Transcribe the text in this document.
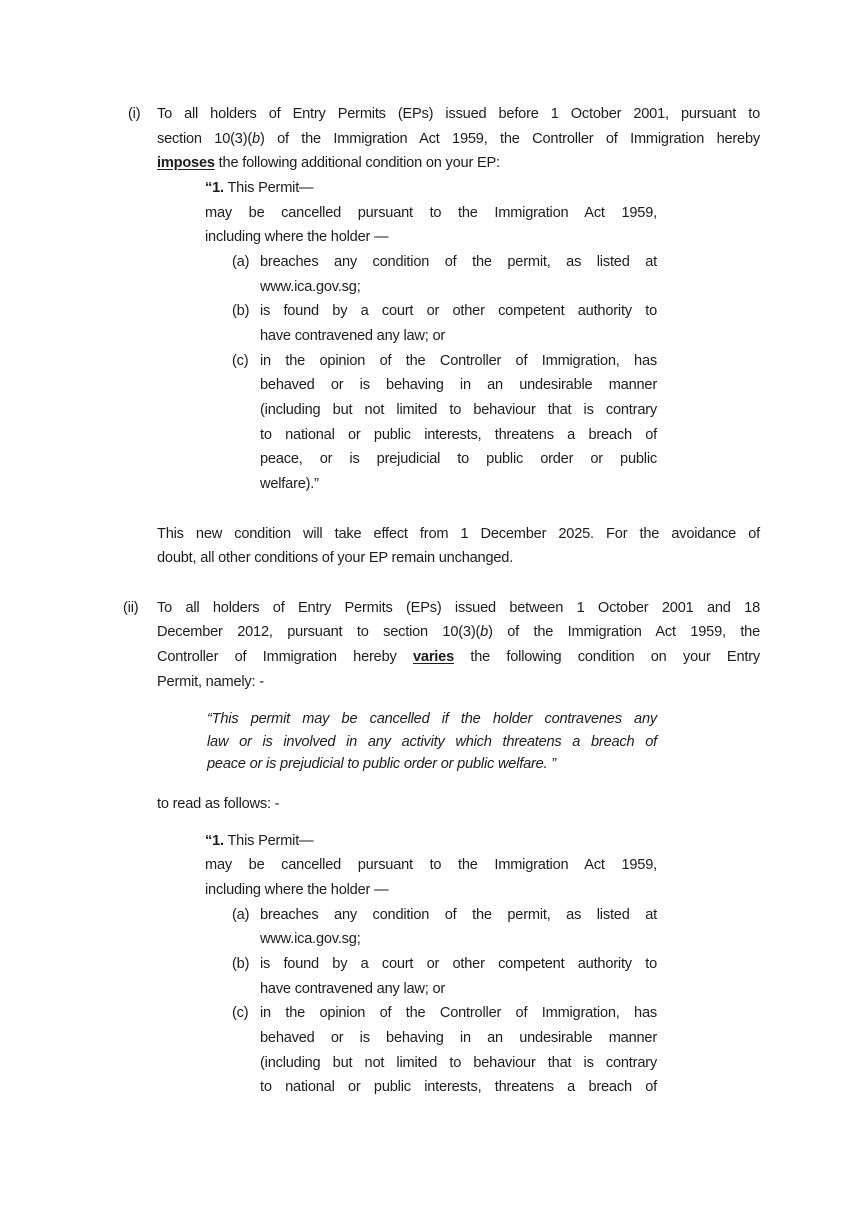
(i) To all holders of Entry Permits (EPs) issued before 1 October 2001, pursuant to
section 10(3)(b) of the Immigration Act 1959, the Controller of Immigration hereby
imposes the following additional condition on your EP:
“1. This Permit—
may be cancelled pursuant to the Immigration Act 1959,
including where the holder —
(a) breaches any condition of the permit, as listed at
www.ica.gov.sg;
(b) is found by a court or other competent authority to
have contravened any law; or
(c) in the opinion of the Controller of Immigration, has
behaved or is behaving in an undesirable manner
(including but not limited to behaviour that is contrary
to national or public interests, threatens a breach of
peace, or is prejudicial to public order or public
welfare).”
This new condition will take effect from 1 December 2025. For the avoidance of
doubt, all other conditions of your EP remain unchanged.
(ii) To all holders of Entry Permits (EPs) issued between 1 October 2001 and 18
December 2012, pursuant to section 10(3)(b) of the Immigration Act 1959, the
Controller of Immigration hereby varies the following condition on your Entry
Permit, namely: -
“This permit may be cancelled if the holder contravenes any
law or is involved in any activity which threatens a breach of
peace or is prejudicial to public order or public welfare. ”
to read as follows: -
“1. This Permit—
may be cancelled pursuant to the Immigration Act 1959,
including where the holder —
(a) breaches any condition of the permit, as listed at
www.ica.gov.sg;
(b) is found by a court or other competent authority to
have contravened any law; or
(c) in the opinion of the Controller of Immigration, has
behaved or is behaving in an undesirable manner
(including but not limited to behaviour that is contrary
to national or public interests, threatens a breach of
